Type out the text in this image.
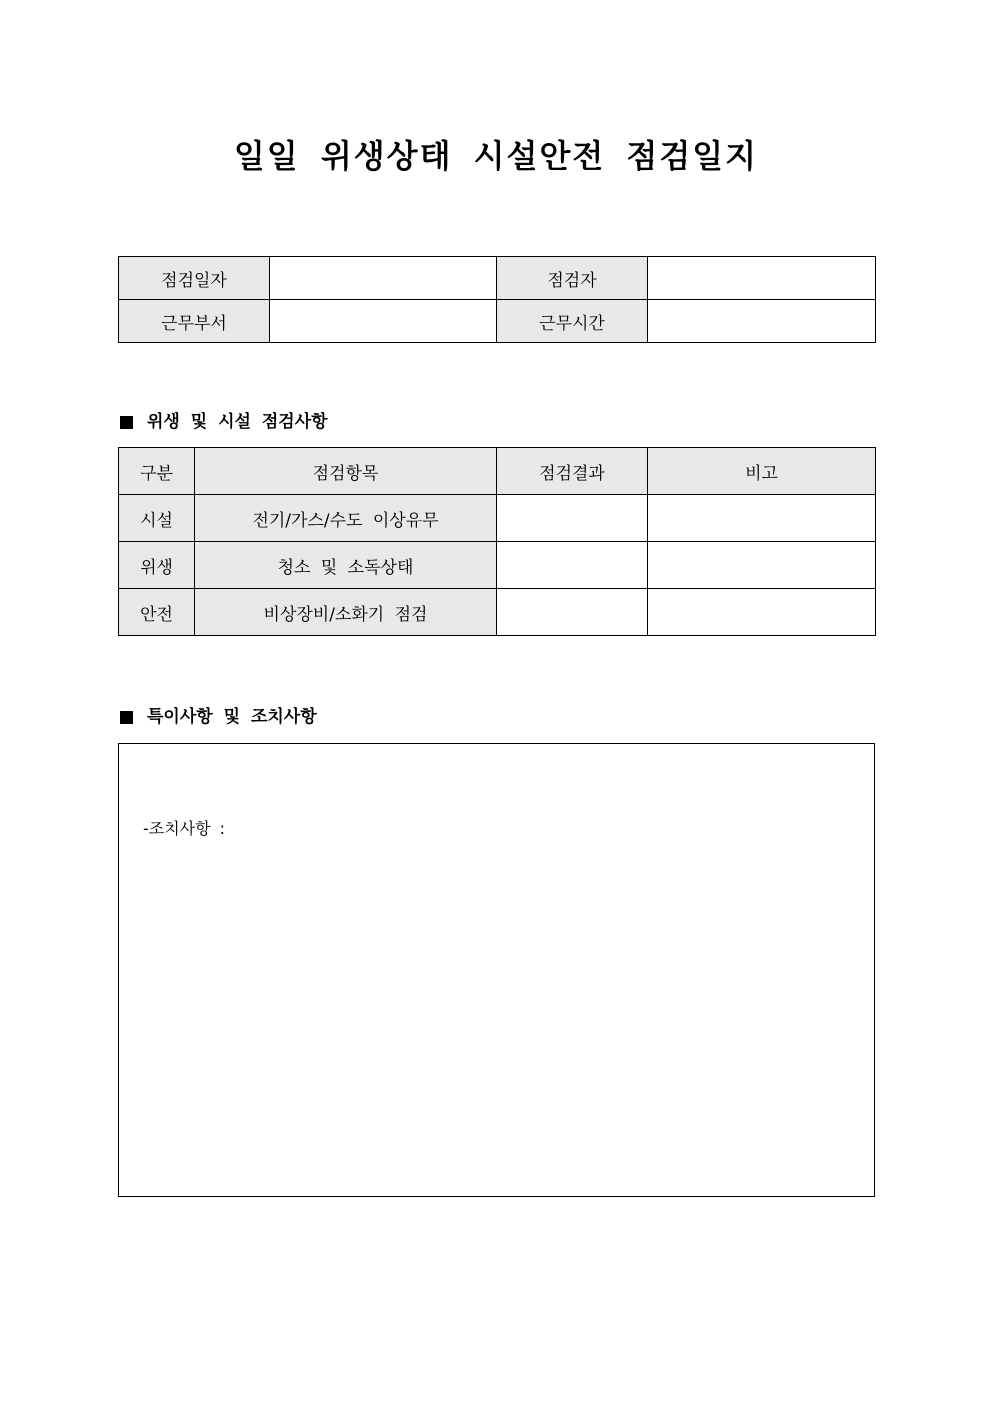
일일 위생상태 시설안전 점검일지
점검일자		점검자	
근무부서		근무시간	
위생 및 시설 점검사항
구분	점검항목	점검결과	비고
시설	전기/가스/수도 이상유무		
위생	청소 및 소독상태		
안전	비상장비/소화기 점검		
특이사항 및 조치사항
-조치사항 :
